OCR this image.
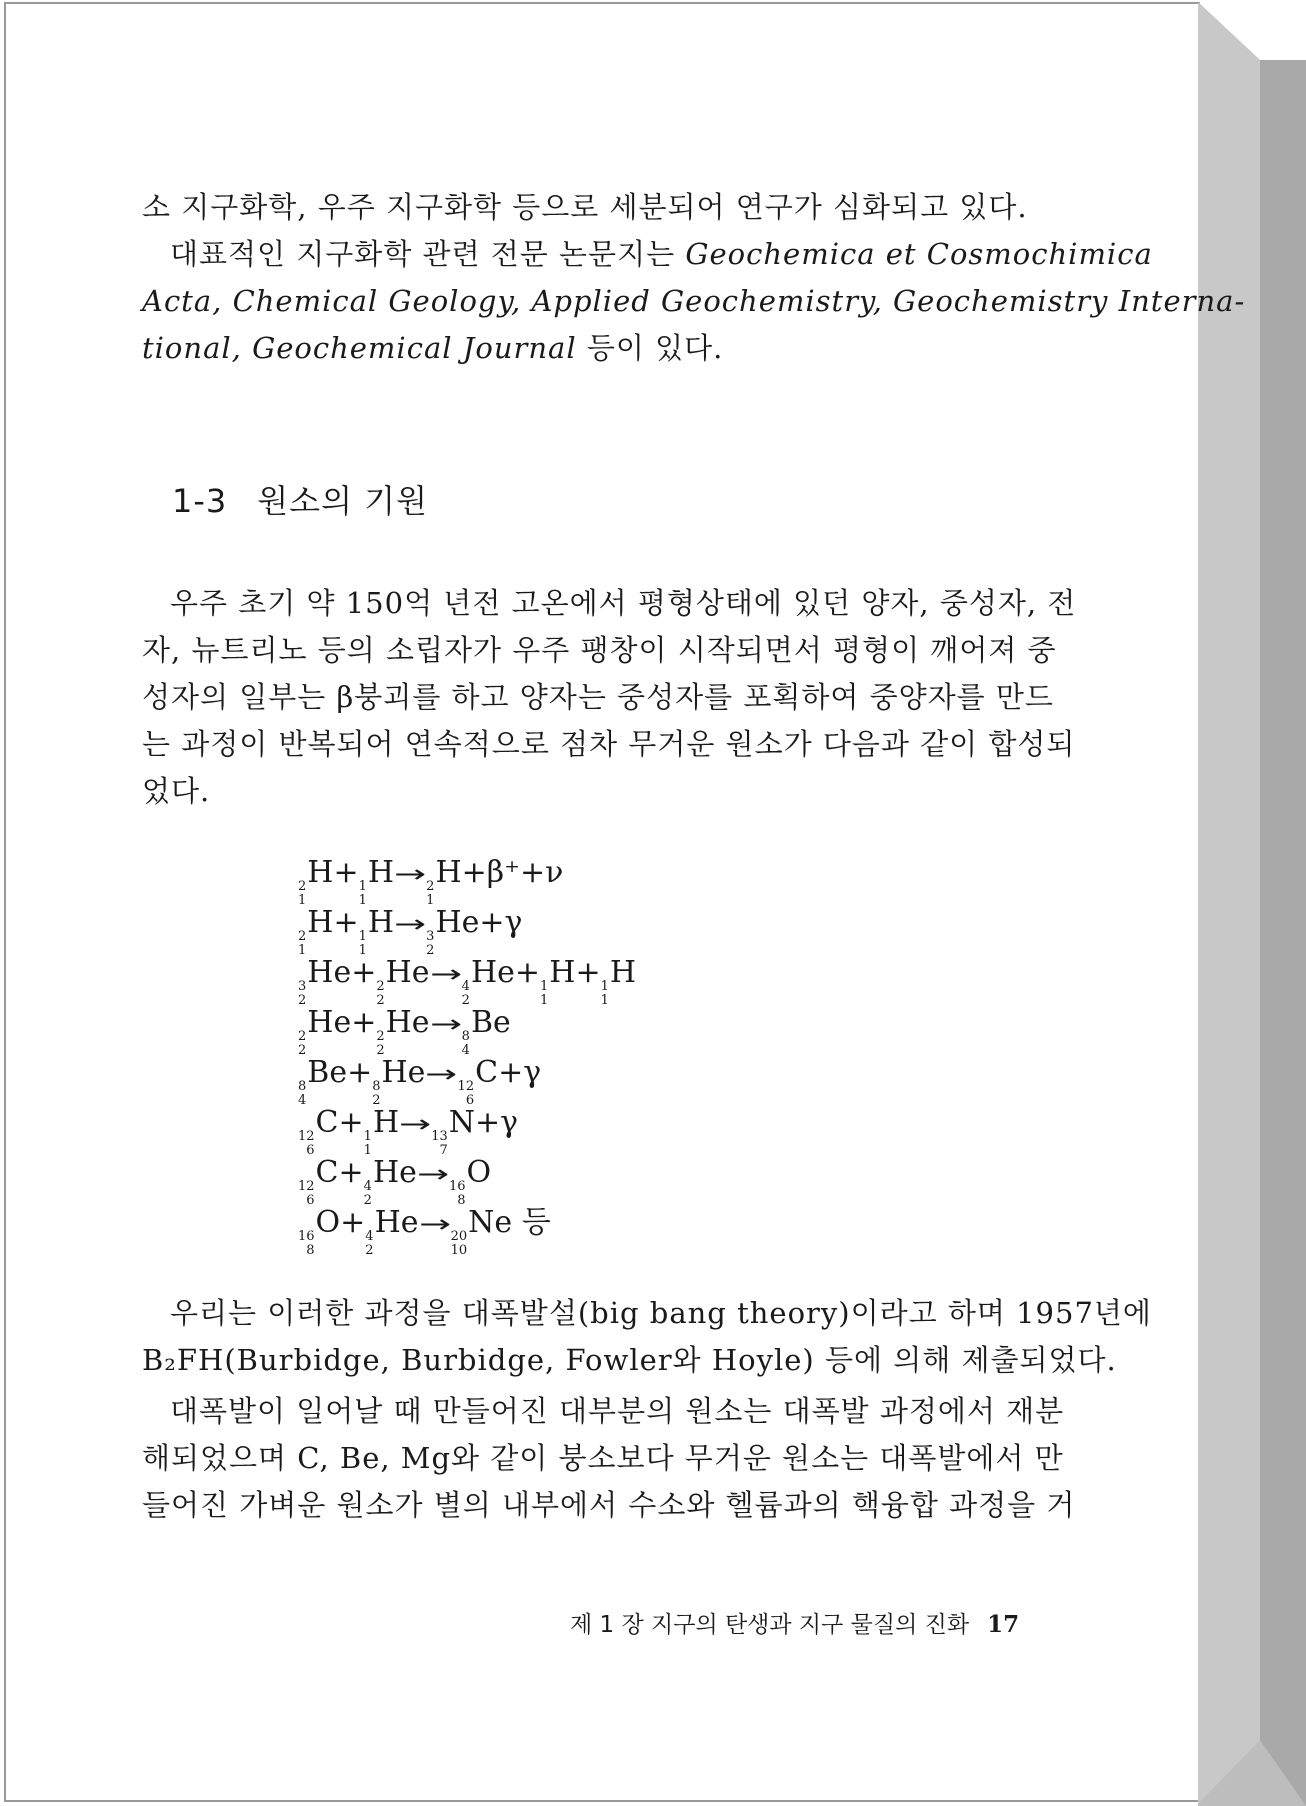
소 지구화학, 우주 지구화학 등으로 세분되어 연구가 심화되고 있다.
대표적인 지구화학 관련 전문 논문지는 Geochemica et Cosmochimica
Acta, Chemical Geology, Applied Geochemistry, Geochemistry Interna-
tional, Geochemical Journal 등이 있다.
1-3 원소의 기원
우주 초기 약 150억 년전 고온에서 평형상태에 있던 양자, 중성자, 전
자, 뉴트리노 등의 소립자가 우주 팽창이 시작되면서 평형이 깨어져 중
성자의 일부는 β붕괴를 하고 양자는 중성자를 포획하여 중양자를 만드
는 과정이 반복되어 연속적으로 점차 무거운 원소가 다음과 같이 합성되
었다.
2
1
H+ 1
1
H→ 2
1
H+β⁺+ν
2
1
H+ 1
1
H→ 3
2
He+γ
3
2
He+ 2
2
He→ 4
2
He+ 1
1
H+ 1
1
H
2
2
He+ 2
2
He→ 8
4
Be
8
4
Be+ 8
2
He→ 12
6
C+γ
12
6
C+ 1
1
H→ 13
7
N+γ
12
6
C+ 4
2
He→ 16
8
O
16
8
O+ 4
2
He→ 20
10
Ne 등
우리는 이러한 과정을 대폭발설(big bang theory)이라고 하며 1957년에
B₂FH(Burbidge, Burbidge, Fowler와 Hoyle) 등에 의해 제출되었다.
대폭발이 일어날 때 만들어진 대부분의 원소는 대폭발 과정에서 재분
해되었으며 C, Be, Mg와 같이 붕소보다 무거운 원소는 대폭발에서 만
들어진 가벼운 원소가 별의 내부에서 수소와 헬륨과의 핵융합 과정을 거
제 1 장 지구의 탄생과 지구 물질의 진화 17
